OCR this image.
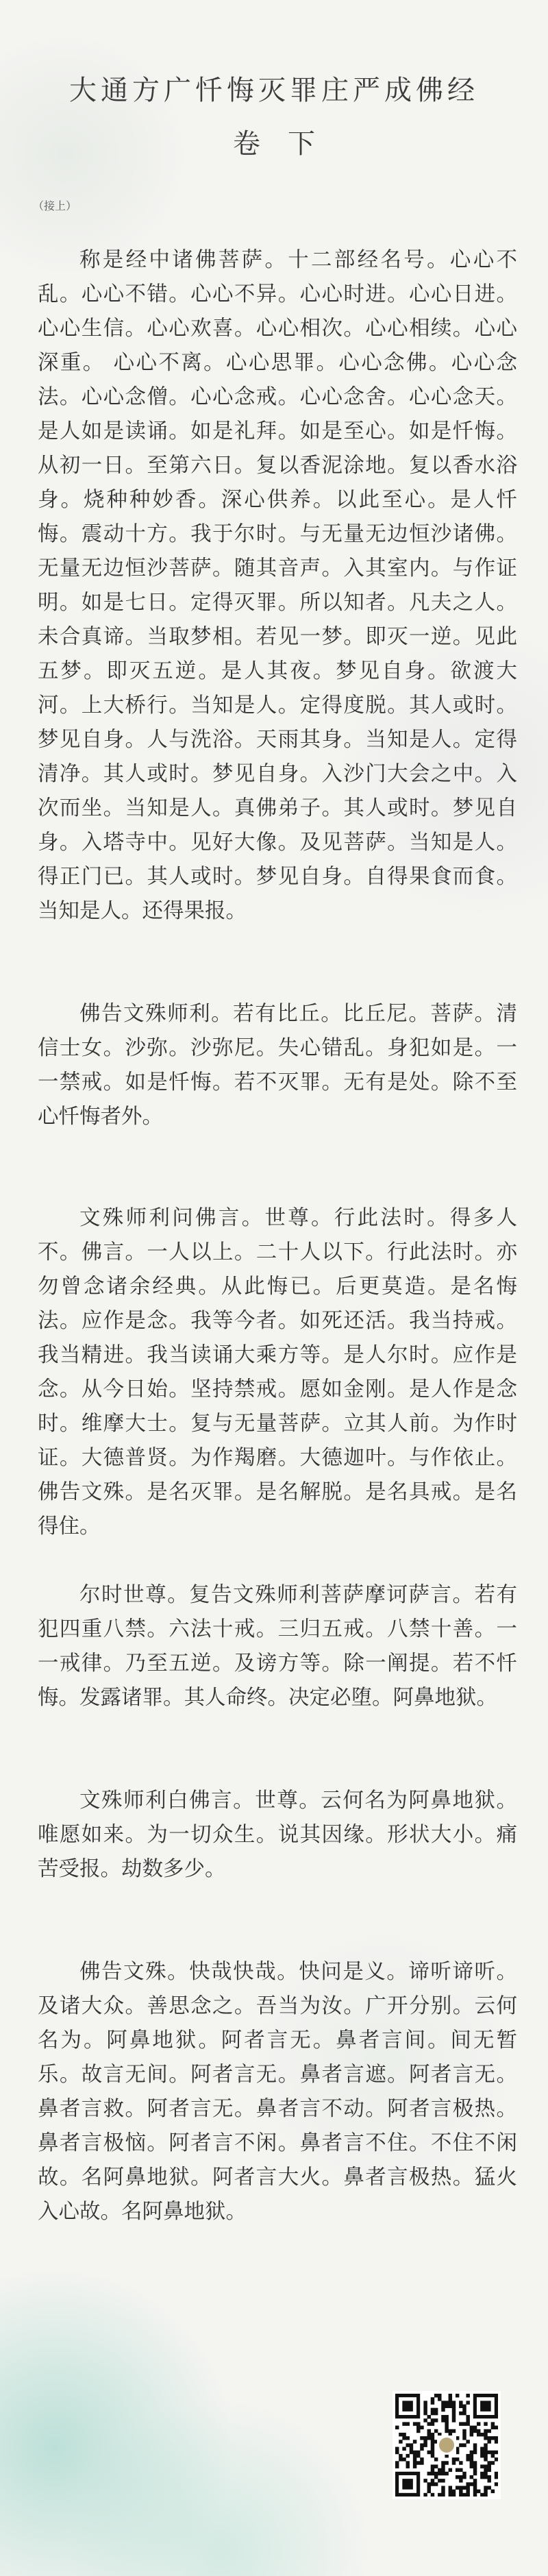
大通方广忏悔灭罪庄严成佛经
卷下
（接上）
称是经中诸佛菩萨。十二部经名号。心心不乱。心心不错。心心不异。心心时进。心心日进。心心生信。心心欢喜。心心相次。心心相续。心心深重。 心心不离。心心思罪。心心念佛。心心念法。心心念僧。心心念戒。心心念舍。心心念天。是人如是读诵。如是礼拜。如是至心。如是忏悔。从初一日。至第六日。复以香泥涂地。复以香水浴身。烧种种妙香。深心供养。以此至心。是人忏悔。震动十方。我于尔时。与无量无边恒沙诸佛。无量无边恒沙菩萨。随其音声。入其室内。与作证明。如是七日。定得灭罪。所以知者。凡夫之人。未合真谛。当取梦相。若见一梦。即灭一逆。见此五梦。即灭五逆。是人其夜。梦见自身。欲渡大河。上大桥行。当知是人。定得度脱。其人或时。梦见自身。人与洗浴。天雨其身。当知是人。定得清净。其人或时。梦见自身。入沙门大会之中。入次而坐。当知是人。真佛弟子。其人或时。梦见自身。入塔寺中。见好大像。及见菩萨。当知是人。得正门已。其人或时。梦见自身。自得果食而食。当知是人。还得果报。
佛告文殊师利。若有比丘。比丘尼。菩萨。清信士女。沙弥。沙弥尼。失心错乱。身犯如是。一一禁戒。如是忏悔。若不灭罪。无有是处。除不至心忏悔者外。
文殊师利问佛言。世尊。行此法时。得多人不。佛言。一人以上。二十人以下。行此法时。亦勿曾念诸余经典。从此悔已。后更莫造。是名悔法。应作是念。我等今者。如死还活。我当持戒。我当精进。我当读诵大乘方等。是人尔时。应作是念。从今日始。坚持禁戒。愿如金刚。是人作是念时。维摩大士。复与无量菩萨。立其人前。为作时证。大德普贤。为作羯磨。大德迦叶。与作依止。佛告文殊。是名灭罪。是名解脱。是名具戒。是名得住。
尔时世尊。复告文殊师利菩萨摩诃萨言。若有犯四重八禁。六法十戒。三归五戒。八禁十善。一一戒律。乃至五逆。及谤方等。除一阐提。若不忏悔。发露诸罪。其人命终。决定必堕。阿鼻地狱。
文殊师利白佛言。世尊。云何名为阿鼻地狱。唯愿如来。为一切众生。说其因缘。形状大小。痛苦受报。劫数多少。
佛告文殊。快哉快哉。快问是义。谛听谛听。及诸大众。善思念之。吾当为汝。广开分别。云何名为。阿鼻地狱。阿者言无。鼻者言间。间无暂乐。故言无间。阿者言无。鼻者言遮。阿者言无。鼻者言救。阿者言无。鼻者言不动。阿者言极热。鼻者言极恼。阿者言不闲。鼻者言不住。不住不闲故。名阿鼻地狱。阿者言大火。鼻者言极热。猛火入心故。名阿鼻地狱。
